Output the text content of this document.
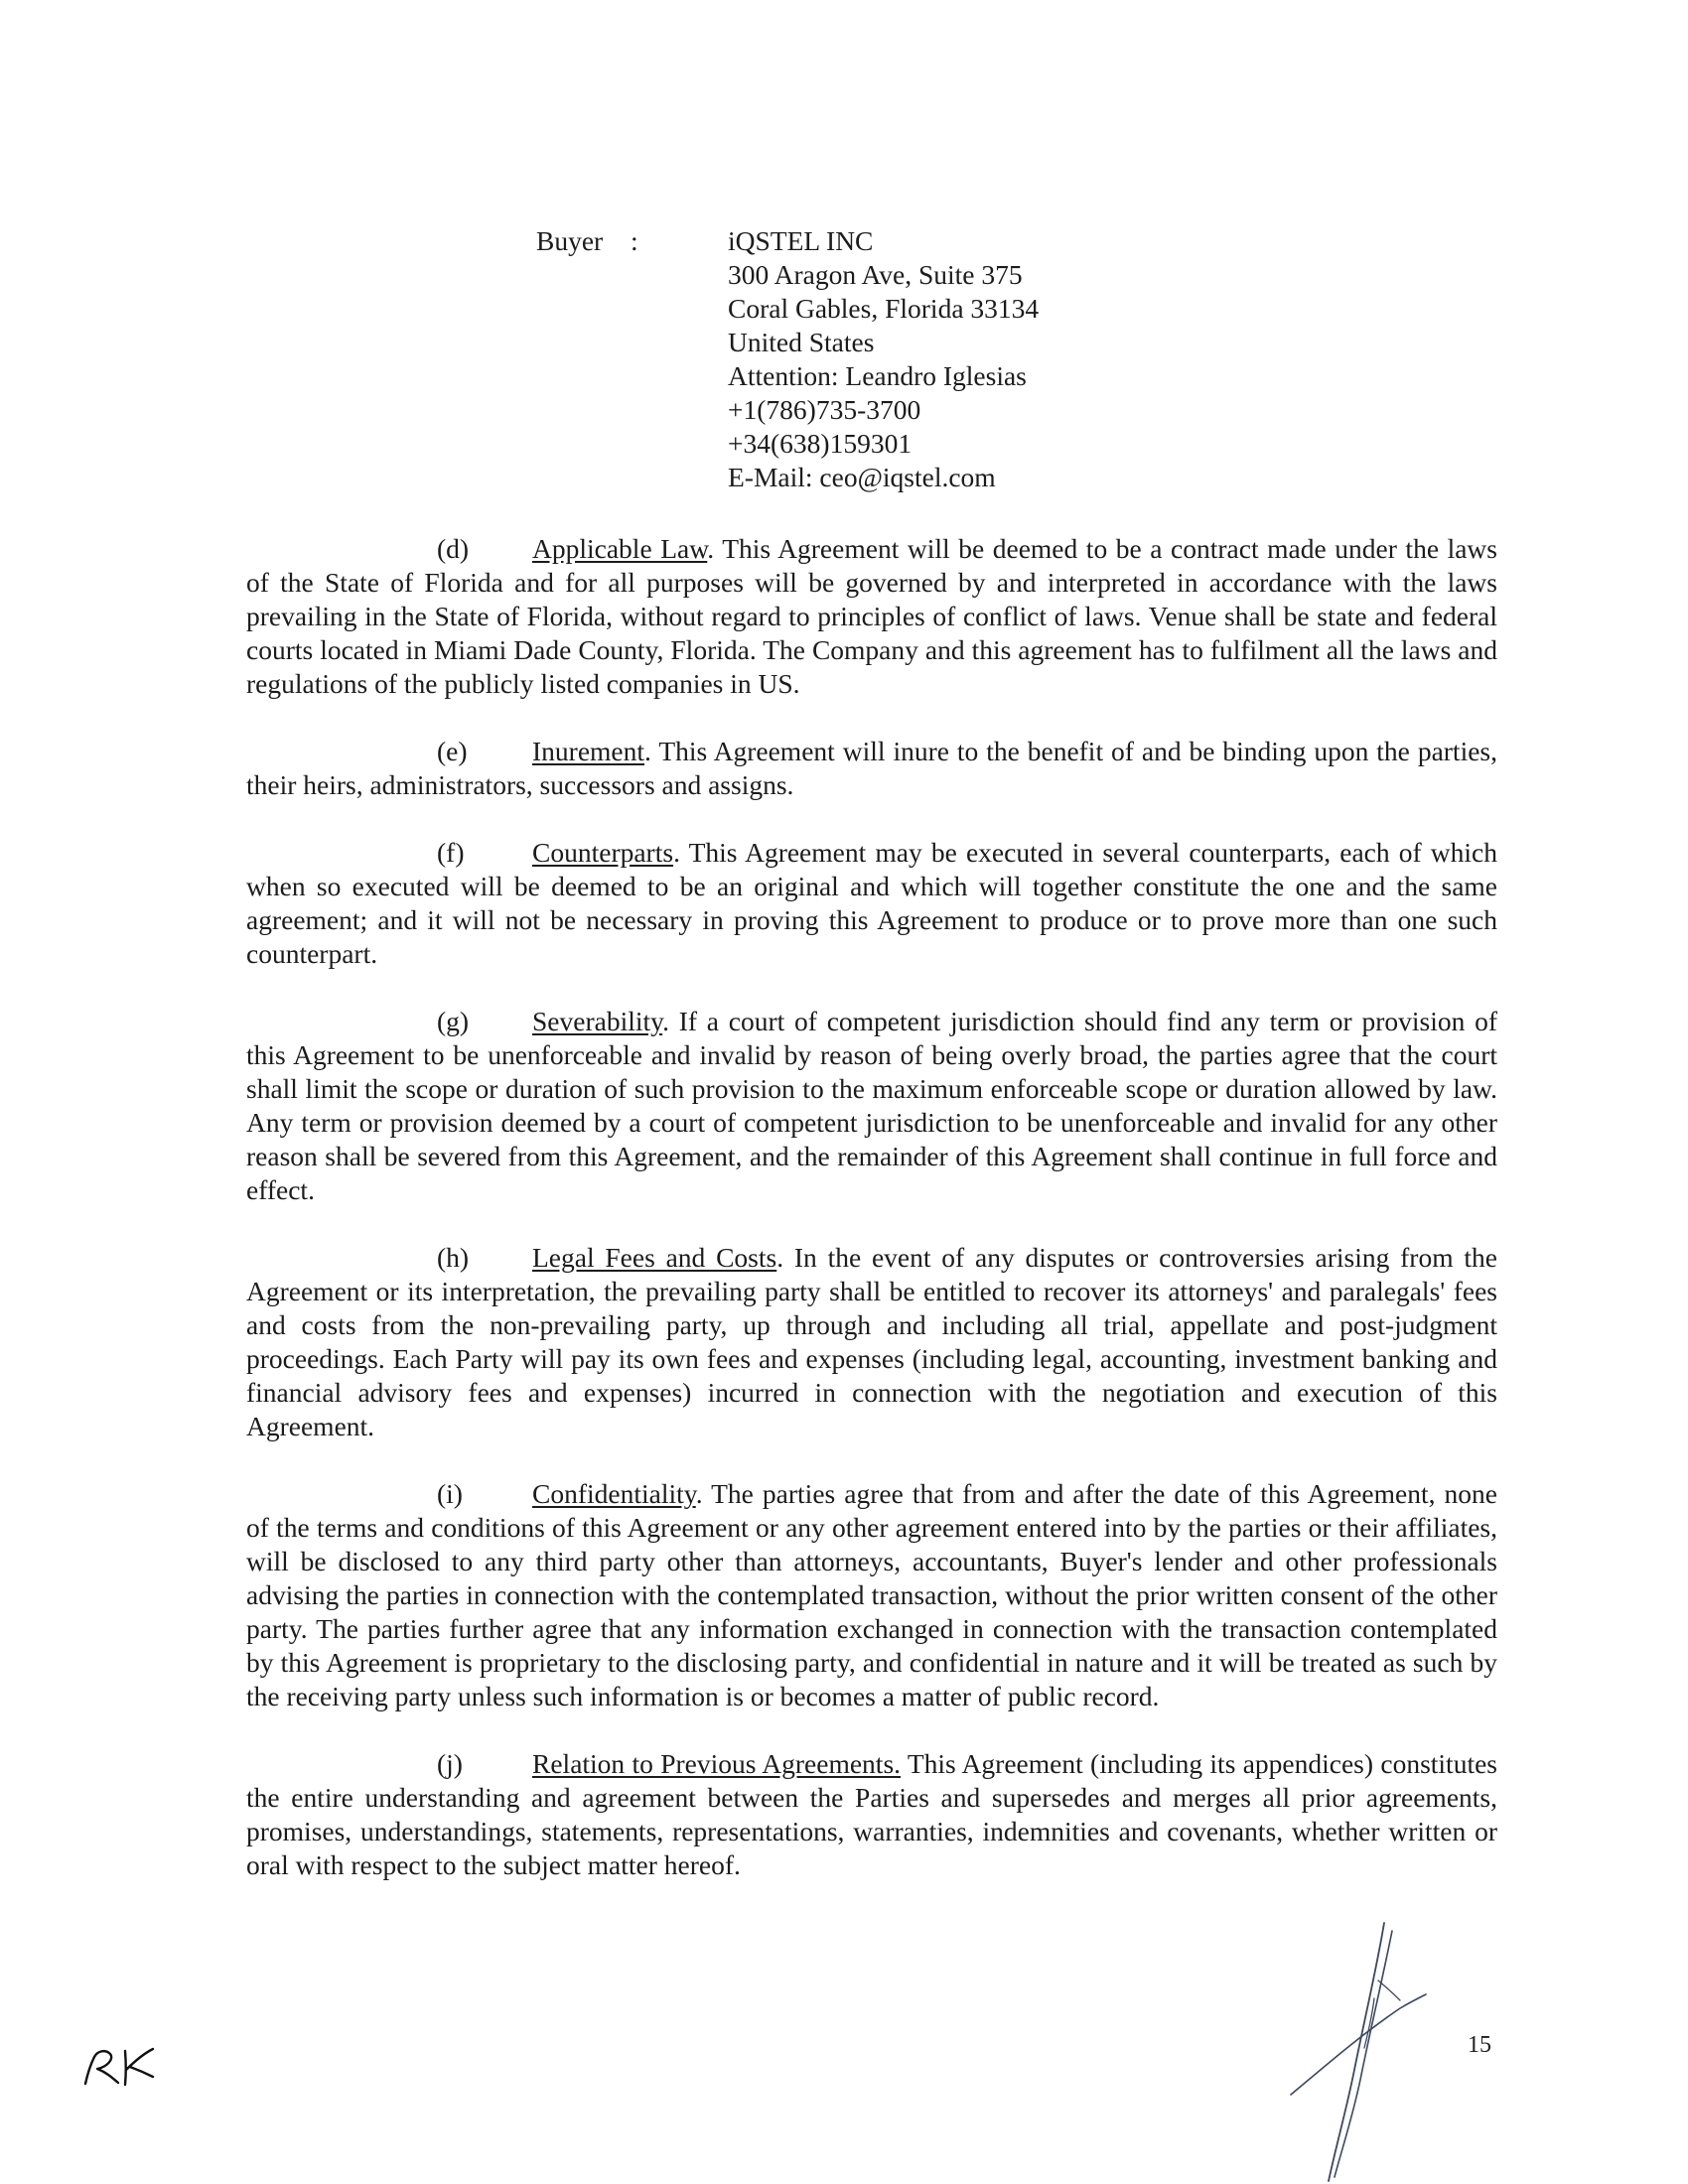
Buyer :	iQSTEL INC
300 Aragon Ave, Suite 375
Coral Gables, Florida 33134
United States
Attention: Leandro Iglesias
+1(786)735-3700
+34(638)159301
E-Mail: ceo@iqstel.com

(d) Applicable Law. This Agreement will be deemed to be a contract made under the laws of the State of Florida and for all purposes will be governed by and interpreted in accordance with the laws prevailing in the State of Florida, without regard to principles of conflict of laws. Venue shall be state and federal courts located in Miami Dade County, Florida. The Company and this agreement has to fulfilment all the laws and regulations of the publicly listed companies in US.

(e) Inurement. This Agreement will inure to the benefit of and be binding upon the parties, their heirs, administrators, successors and assigns.

(f) Counterparts. This Agreement may be executed in several counterparts, each of which when so executed will be deemed to be an original and which will together constitute the one and the same agreement; and it will not be necessary in proving this Agreement to produce or to prove more than one such counterpart.

(g) Severability. If a court of competent jurisdiction should find any term or provision of this Agreement to be unenforceable and invalid by reason of being overly broad, the parties agree that the court shall limit the scope or duration of such provision to the maximum enforceable scope or duration allowed by law. Any term or provision deemed by a court of competent jurisdiction to be unenforceable and invalid for any other reason shall be severed from this Agreement, and the remainder of this Agreement shall continue in full force and effect.

(h) Legal Fees and Costs. In the event of any disputes or controversies arising from the Agreement or its interpretation, the prevailing party shall be entitled to recover its attorneys' and paralegals' fees and costs from the non-prevailing party, up through and including all trial, appellate and post-judgment proceedings. Each Party will pay its own fees and expenses (including legal, accounting, investment banking and financial advisory fees and expenses) incurred in connection with the negotiation and execution of this Agreement.

(i)	Confidentiality. The parties agree that from and after the date of this Agreement, none of the terms and conditions of this Agreement or any other agreement entered into by the parties or their affiliates, will be disclosed to any third party other than attorneys, accountants, Buyer's lender and other professionals advising the parties in connection with the contemplated transaction, without the prior written consent of the other party. The parties further agree that any information exchanged in connection with the transaction contemplated by this Agreement is proprietary to the disclosing party, and confidential in nature and it will be treated as such by the receiving party unless such information is or becomes a matter of public record.

(j)	Relation to Previous Agreements. This Agreement (including its appendices) constitutes the entire understanding and agreement between the Parties and supersedes and merges all prior agreements, promises, understandings, statements, representations, warranties, indemnities and covenants, whether written or oral with respect to the subject matter hereof.

15
